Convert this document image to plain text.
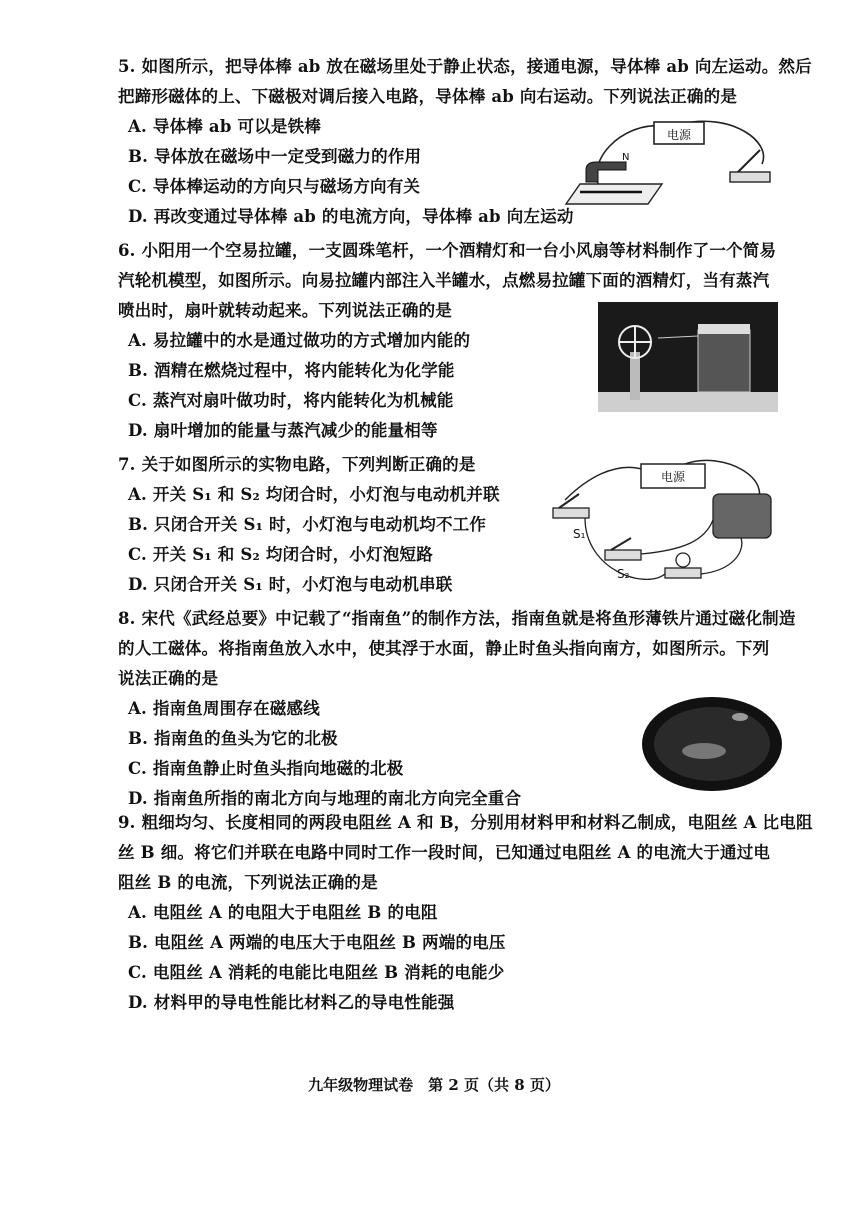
5. 如图所示，把导体棒 ab 放在磁场里处于静止状态，接通电源，导体棒 ab 向左运动。然后
把蹄形磁体的上、下磁极对调后接入电路，导体棒 ab 向右运动。下列说法正确的是
A. 导体棒 ab 可以是铁棒
B. 导体放在磁场中一定受到磁力的作用
C. 导体棒运动的方向只与磁场方向有关
D. 再改变通过导体棒 ab 的电流方向，导体棒 ab 向左运动
电源
N
6. 小阳用一个空易拉罐，一支圆珠笔杆，一个酒精灯和一台小风扇等材料制作了一个简易
汽轮机模型，如图所示。向易拉罐内部注入半罐水，点燃易拉罐下面的酒精灯，当有蒸汽
喷出时，扇叶就转动起来。下列说法正确的是
A. 易拉罐中的水是通过做功的方式增加内能的
B. 酒精在燃烧过程中，将内能转化为化学能
C. 蒸汽对扇叶做功时，将内能转化为机械能
D. 扇叶增加的能量与蒸汽减少的能量相等
7. 关于如图所示的实物电路，下列判断正确的是
A. 开关 S₁ 和 S₂ 均闭合时，小灯泡与电动机并联
B. 只闭合开关 S₁ 时，小灯泡与电动机均不工作
C. 开关 S₁ 和 S₂ 均闭合时，小灯泡短路
D. 只闭合开关 S₁ 时，小灯泡与电动机串联
电源
S₁
S₂
8. 宋代《武经总要》中记载了“指南鱼”的制作方法，指南鱼就是将鱼形薄铁片通过磁化制造
的人工磁体。将指南鱼放入水中，使其浮于水面，静止时鱼头指向南方，如图所示。下列
说法正确的是
A. 指南鱼周围存在磁感线
B. 指南鱼的鱼头为它的北极
C. 指南鱼静止时鱼头指向地磁的北极
D. 指南鱼所指的南北方向与地理的南北方向完全重合
9. 粗细均匀、长度相同的两段电阻丝 A 和 B，分别用材料甲和材料乙制成，电阻丝 A 比电阻
丝 B 细。将它们并联在电路中同时工作一段时间，已知通过电阻丝 A 的电流大于通过电
阻丝 B 的电流，下列说法正确的是
A. 电阻丝 A 的电阻大于电阻丝 B 的电阻
B. 电阻丝 A 两端的电压大于电阻丝 B 两端的电压
C. 电阻丝 A 消耗的电能比电阻丝 B 消耗的电能少
D. 材料甲的导电性能比材料乙的导电性能强
九年级物理试卷　第 2 页（共 8 页）
